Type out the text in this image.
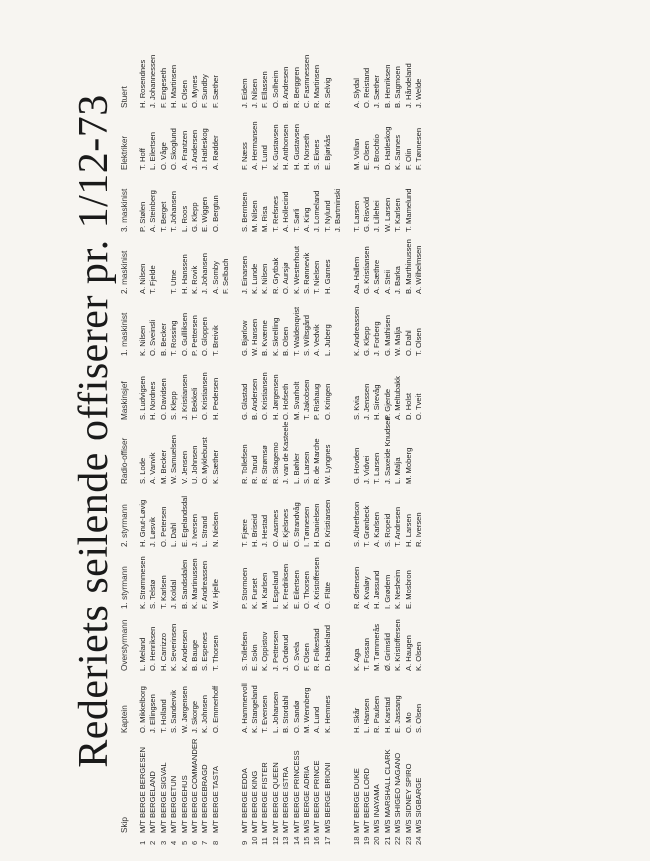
Rederiets seilende offiserer pr. 1/12-73
Skip
Kaptein
Overstyrmann
1. styrmann
2. styrmann
Radio-offiser
Maskinsjef
1. maskinist
2. maskinist
3. maskinist
Elektriker
Stuert
1
M/T BERGE BERGESEN
O. Mikkelborg
L. Meland
K. Strømmesen
H. Gnut-Løvig
S. Lode
S. Ludvigsen
K. Nilsen
A. Nilsen
P. Stølen
T. Hoff
H. Rosendnes
2
M/T BERGELAND
J. Ellingsen
O. Henriksen
S. Telstø
J. Løsvik
A. Vanvik
H. Nordnes
O. Sveinsli
T. Fjelde
A. Steinberg
L. Eilertsen
J. Johannessen
3
M/T BERGE SIGVAL
T. Holland
H. Carrizzo
T. Karlsen
O. Petersen
M. Becker
O. Davidsen
B. Becker
T. Berget
O. Våge
F. Engeseth
4
M/T BERGETUN
S. Sandervik
K. Severinsen
J. Koldal
L. Dahl
W. Samuelsen
S. Klepp
T. Rossing
T. Utne
T. Johansen
O. Skoglund
H. Martinsen
5
M/T BERGEHUS
W. Jørgensen
K. Andersen
B. Sandsdalen
E. Egelandsdal
V. Jensen
J. Kristiansen
O. Gullliksen
H. Hanssen
L. Roos
A. Frantzen
F. Olsen
6
M/T BERGE COMMANDER
J. Skorge
B. Bauge
K. Martinussen
J. Iversen
U. Johnsen
T. Bekkeli
P. Pettersen
K. Rovik
G. Klepp
J. Andersen
O. Mynes
7
M/T BERGEBRAGD
K. Johnsen
S. Espenes
F. Andreassen
L. Strand
O. Mykleburst
O. Kristiansen
O. Gloppen
J. Johansen
E. Wiggen
J. Hatleskog
F. Sundby
8
M/T BERGE TASTA
O. Emmerhoff
T. Thorsen
W. Hjelle
N. Nielsen
K. Sæther
H. Pedersen
T. Breivik
A. Somby
O. Bergtun
A. Rødder
F. Sæther
F. Selbach
9
M/T BERGE EDDA
A. Hammervoll
S. Tollefsen
P. Stormoen
T. Fjære
R. Tollefsen
G. Glastad
G. Bjørlow
J. Einarsen
S. Berntsen
F. Næss
J. Eidem
10
M/T BERGE KING
K. Stangeland
E. Sokn
K. Furset
H. Briseid
R. Tarud
B. Andersen
W. Hansen
K. Lunde
M. Nilsen
A. Hermansen
J. Nilsen
11
M/T BERGE FISTER
T. Evensen
K. Oppistov
M. Karlsen
J. Hestad
R. Strømsø
O. Kristiansen
B. Kværne
K. Nilsen
M. Risa
T. Lund
F. Ellassen
12
M/T BERGE QUEEN
L. Johansen
J. Pettersen
I. Espeland
O. Aasmes
R. Skagemo
H. Jørgensen
K. Skrelling
R. Grytbak
T. Refsnes
K. Gustavsen
O. Solheim
13
M/T BERGE ISTRA
B. Stordahl
J. Ordørud
K. Fredriksen
E. Kjelsnes
J. van de Kasteele
O. Hofseth
B. Olsen
O. Aursjø
A. Hollecind
H. Anthonsen
B. Andresen
14
M/T BERGE PRINCESS
O. Sandø
O. Svela
E. Eilertsen
O. Strandvåg
L. Bøhler
M. Svarholt
T. Waldenqvist
K. Westerhout
T. Sørli
H. Gustavsen
R. Berggren
15
M/S BERGE ADRIA
M. Wennberg
F. Olsen
O. Thorsen
I. Tønnesen
S. Larsen
T. Jakobsen
S. Wiltsgård
S. Rønnevik
A. King
H. Norseth
C. Fasmnessen
16
M/T BERGE PRINCE
A. Lund
R. Folkestad
A. Kristoffersen
H. Danielsen
R. de Marche
P. Rishaug
A. Vedvik
T. Nielsen
J. Lomeland
S. Eknes
R. Martinsen
17
M/S BERGE BRIONI
K. Hemnes
D. Haakeland
O. Fläte
D. Kristiansen
W. Lyngnes
O. Kringen
L. Juberg
H. Garnes
T. Nylund
E. Bjørkås
R. Selvig
J. Bartminski
18
M/T BERGE DUKE
H. Skår
K. Aga
R. Østensen
S. Albrethson
G. Hovden
S. Kvia
K. Andreassen
Aa. Hallem
T. Larsen
M. Vollan
A. Slydal
19
M/T BERGE LORD
L. Hansen
T. Fossan
A. Kvaløy
T. Grønbeck
J. Vidvei
J. Jenssen
G. Klepp
G. Kristiansen
G. Risvold
E. Olsen
O. Reistand
20
M/S INAYAMA
R. Paulsen
M. Tømmerås
H. Jøssund
A. Karlsen
T. Larsen
H. Sirevåg
J. Forberg
A. Sæthre
J. Lillehei
J. Brochtio
J. Sæther
21
M/S MARSHALL CLARK
H. Karstad
Ø. Grimslid
I. Grødem
S. Ropeid
J. Saxeide Knudsen
P. Gjerde
G. Mathisen
A. Steii
W. Larsen
D. Hatleskog
B. Henriksen
22
M/S SHIGEO NAGANO
E. Jassang
K. Kristoffersen
K. Nesheim
T. Andresen
L. Malja
A. Meltubakk
W. Malja
J. Barka
T. Karlsen
K. Sannes
B. Sagmoen
23
M/S SIDNEY SPIRO
O. Mo
A. Haugen
E. Mosbron
H. Larsen
M. Moberg
D. Holst
O. Dahl
B. Marthinussen
T. Mamelund
F. Olin
J. Håndeland
24
M/S SIGBARGE
S. Olsen
K. Olsen
R. Iversen
O. Tveit
T. Olsen
A. Wilhelmsen
F. Tønnesen
J. Welde
